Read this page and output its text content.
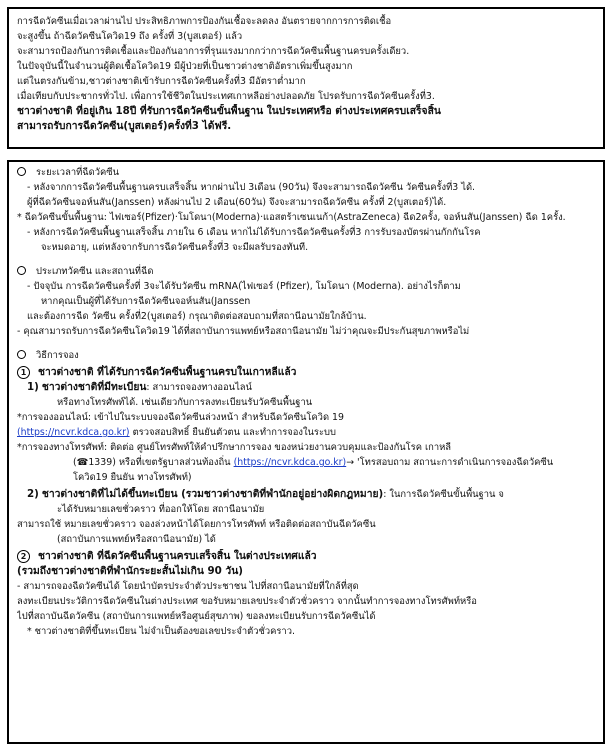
การฉีดวัคซีนเมื่อเวลาผ่านไป ประสิทธิภาพการป้องกันเชื้อจะลดลง อันตรายจากการการติดเชื้อ
จะสูงขึ้น ถ้าฉีดวัคซีนโควิด19 ถึง ครั้งที่ 3(บูสเตอร์) แล้ว
จะสามารถป้องกันการติดเชื้อและป้องกันอาการที่รุนแรงมากกว่าการฉีดวัคซีนพื้นฐานครบครั้งเดียว.
ในปัจจุบันนี้ในจำนวนผู้ติดเชื้อโควิด19 มีผู้ป่วยที่เป็นชาวต่างชาติอัตราเพิ่มขึ้นสูงมาก
แต่ในตรงกันข้าม,ชาวต่างชาติเข้ารับการฉีดวัคซีนครั้งที่3 มีอัตราต่ำมาก
เมื่อเทียบกับประชากรทั่วไป. เพื่อการใช้ชีวิตในประเทศเกาหลีอย่างปลอดภัย โปรดรับการฉีดวัคซีนครั้งที่3.
ชาวต่างชาติ ที่อยู่เกิน 18ปี ที่รับการฉีดวัคซีนขั้นพื้นฐาน ในประเทศหรือ ต่างประเทศครบเสร็จสิ้น
สามารถรับการฉีดวัคซีน(บูสเตอร์)ครั้งที่3 ได้ฟรี.
ระยะเวลาที่ฉีดวัคซีน
- หลังจากการฉีดวัคซีนพื้นฐานครบเสร็จสิ้น หากผ่านไป 3เดือน (90วัน) จึงจะสามารถฉีดวัคซีน วัคซีนครั้งที่3 ได้.
ผู้ที่ฉีดวัคซีนจอห์นสัน(Janssen) หลังผ่านไป 2 เดือน(60วัน) จึงจะสามารถฉีดวัคซีน ครั้งที่ 2(บูสเตอร์)ได้.
* ฉีดวัคซีนขั้นพื้นฐาน: ไฟเซอร์(Pfizer)·โมโดนา(Moderna)·แอสตร้าเซนเนก้า(AstraZeneca) ฉีด2ครั้ง, จอห์นสัน(Janssen) ฉีด 1ครั้ง.
- หลังการฉีดวัคซีนพื้นฐานเสร็จสิ้น ภายใน 6 เดือน หากไม่ได้รับการฉีดวัคซีนครั้งที่3 การรับรองบัตรผ่านกักกันโรค
จะหมดอายุ, แต่หลังจากรับการฉีดวัคซีนครั้งที่3 จะมีผลรับรองทันที.
ประเภทวัคซีน และสถานที่ฉีด
- ปัจจุบัน การฉีดวัคซีนครั้งที่ 3จะได้รับวัคซีน mRNA(ไฟเซอร์ (Pfizer), โมโดนา (Moderna). อย่างไรก็ตาม
หากคุณเป็นผู้ที่ได้รับการฉีดวัคซีนจอห์นสัน(Janssen
และต้องการฉีด วัคซีน ครั้งที่2(บูสเตอร์) กรุณาติดต่อสอบถามที่สถานีอนามัยใกล้บ้าน.
- คุณสามารถรับการฉีดวัคซีนโควิด19 ได้ที่สถาบันการแพทย์หรือสถานีอนามัย ไม่ว่าคุณจะมีประกันสุขภาพหรือไม่
วิธีการจอง
1 ชาวต่างชาติ ที่ได้รับการฉีดวัคซีนพื้นฐานครบในเกาหลีแล้ว
1) ชาวต่างชาติที่มีทะเบียน: สามารถจองทางออนไลน์
หรือทางโทรศัพท์ได้. เช่นเดียวกับการลงทะเบียนรับวัคซีนพื้นฐาน
*การจองออนไลน์: เข้าไปในระบบจองฉีดวัคซีนล่วงหน้า สำหรับฉีดวัคซีนโควิด 19
(https://ncvr.kdca.go.kr) ตรวจสอบสิทธิ์ ยืนยันตัวตน และทำการจองในระบบ
*การจองทางโทรศัพท์: ติดต่อ ศูนย์โทรศัพท์ให้คำปรึกษาการจอง ของหน่วยงานควบคุมและป้องกันโรค เกาหลี
(☎1339) หรือที่เขตรัฐบาลส่วนท้องถิ่น (https://ncvr.kdca.go.kr)→ 'โทรสอบถาม สถานะการดำเนินการจองฉีดวัคซีน
โควิด19 ยืนยัน ทางโทรศัพท์)
2) ชาวต่างชาติที่ไม่ได้ขึ้นทะเบียน (รวมชาวต่างชาติที่พำนักอยู่อย่างผิดกฎหมาย): ในการฉีดวัคซีนขั้นพื้นฐาน จ
ะได้รับหมายเลขชั่วคราว ที่ออกให้โดย สถานีอนามัย
สามารถใช้ หมายเลขชั่วคราว จองล่วงหน้าได้โดยการโทรศัพท์ หรือติดต่อสถาบันฉีดวัคซีน
(สถาบันการแพทย์หรือสถานีอนามัย) ได้
2 ชาวต่างชาติ ที่ฉีดวัคซีนพื้นฐานครบเสร็จสิ้น ในต่างประเทศแล้ว
(รวมถึงชาวต่างชาติที่พำนักระยะสั้นไม่เกิน 90 วัน)
- สามารถจองฉีดวัคซีนได้ โดยนำบัตรประจำตัวประชาชน ไปที่สถานีอนามัยที่ใกล้ที่สุด
ลงทะเบียนประวัติการฉีดวัคซีนในต่างประเทศ ขอรับหมายเลขประจำตัวชั่วคราว จากนั้นทำการจองทางโทรศัพท์หรือ
ไปที่สถาบันฉีดวัคซีน (สถาบันการแพทย์หรือศูนย์สุขภาพ) ขอลงทะเบียนรับการฉีดวัคซีนได้
* ชาวต่างชาติที่ขึ้นทะเบียน ไม่จำเป็นต้องขอเลขประจำตัวชั่วคราว.
